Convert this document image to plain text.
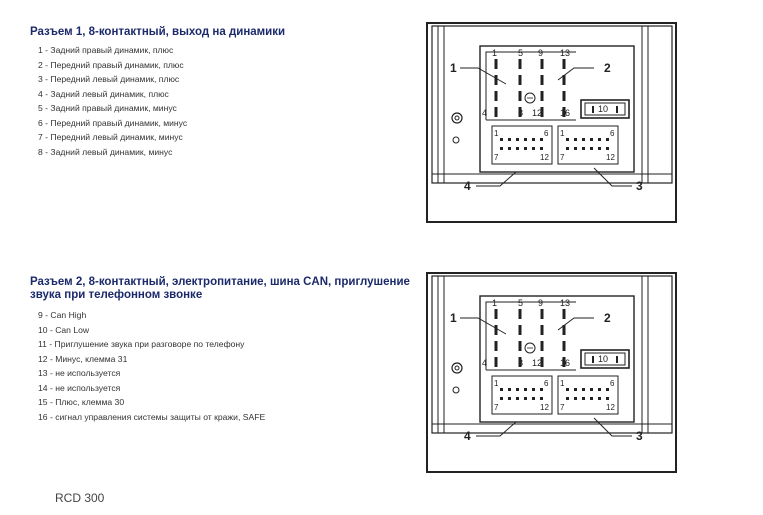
Разъем 1, 8-контактный, выход на динамики
1 - Задний правый динамик, плюс
2 - Передний правый динамик, плюс
3 - Передний левый динамик, плюс
4 - Задний левый динамик, плюс
5 - Задний правый динамик, минус
6 - Передний правый динамик, минус
7 - Передний левый динамик, минус
8 - Задний левый динамик, минус
Разъем 2, 8-контактный, электропитание, шина CAN, приглушение
звука при телефонном звонке
9 - Can High
10 - Can Low
11 - Приглушение звука при разговоре по телефону
12 - Минус, клемма 31
13 - не используется
14 - не используется
15 - Плюс, клемма 30
16 - сигнал управления системы защиты от кражи, SAFE
1 5 9 13
4	8 12 16	10
1	6
7	12
1	6
7	12
1	2
4	3
1 5 9 13
4	8 12 16	10
1	6
7	12
1	6
7	12
1	2
4	3
RCD 300
